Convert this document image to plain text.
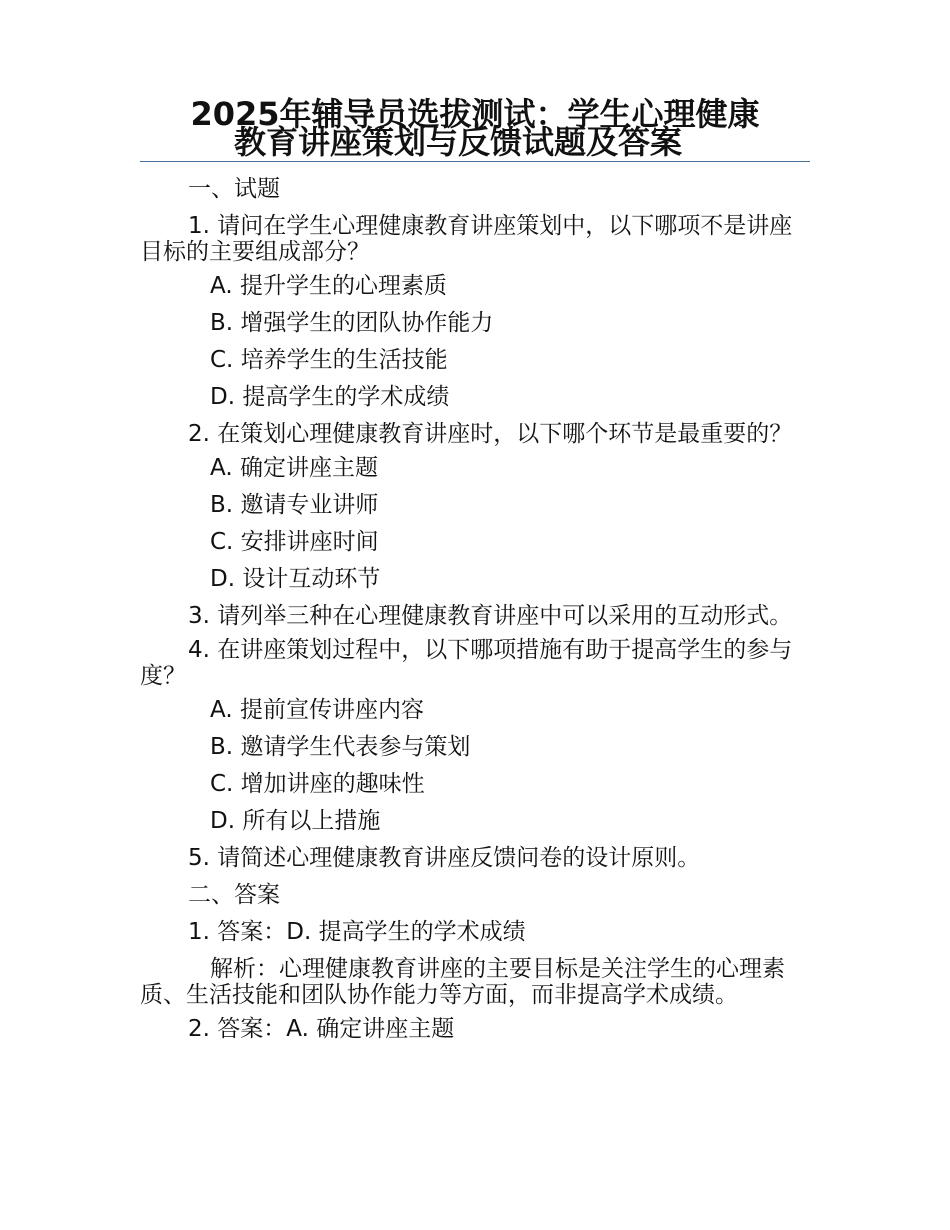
2025年辅导员选拔测试：学生心理健康
教育讲座策划与反馈试题及答案

一、试题

1. 请问在学生心理健康教育讲座策划中，以下哪项不是讲座目标的主要组成部分？

A. 提升学生的心理素质

B. 增强学生的团队协作能力

C. 培养学生的生活技能

D. 提高学生的学术成绩

2. 在策划心理健康教育讲座时，以下哪个环节是最重要的？

A. 确定讲座主题

B. 邀请专业讲师

C. 安排讲座时间

D. 设计互动环节

3. 请列举三种在心理健康教育讲座中可以采用的互动形式。

4. 在讲座策划过程中，以下哪项措施有助于提高学生的参与度？

A. 提前宣传讲座内容

B. 邀请学生代表参与策划

C. 增加讲座的趣味性

D. 所有以上措施

5. 请简述心理健康教育讲座反馈问卷的设计原则。

二、答案

1. 答案：D. 提高学生的学术成绩

解析：心理健康教育讲座的主要目标是关注学生的心理素质、生活技能和团队协作能力等方面，而非提高学术成绩。

2. 答案：A. 确定讲座主题
